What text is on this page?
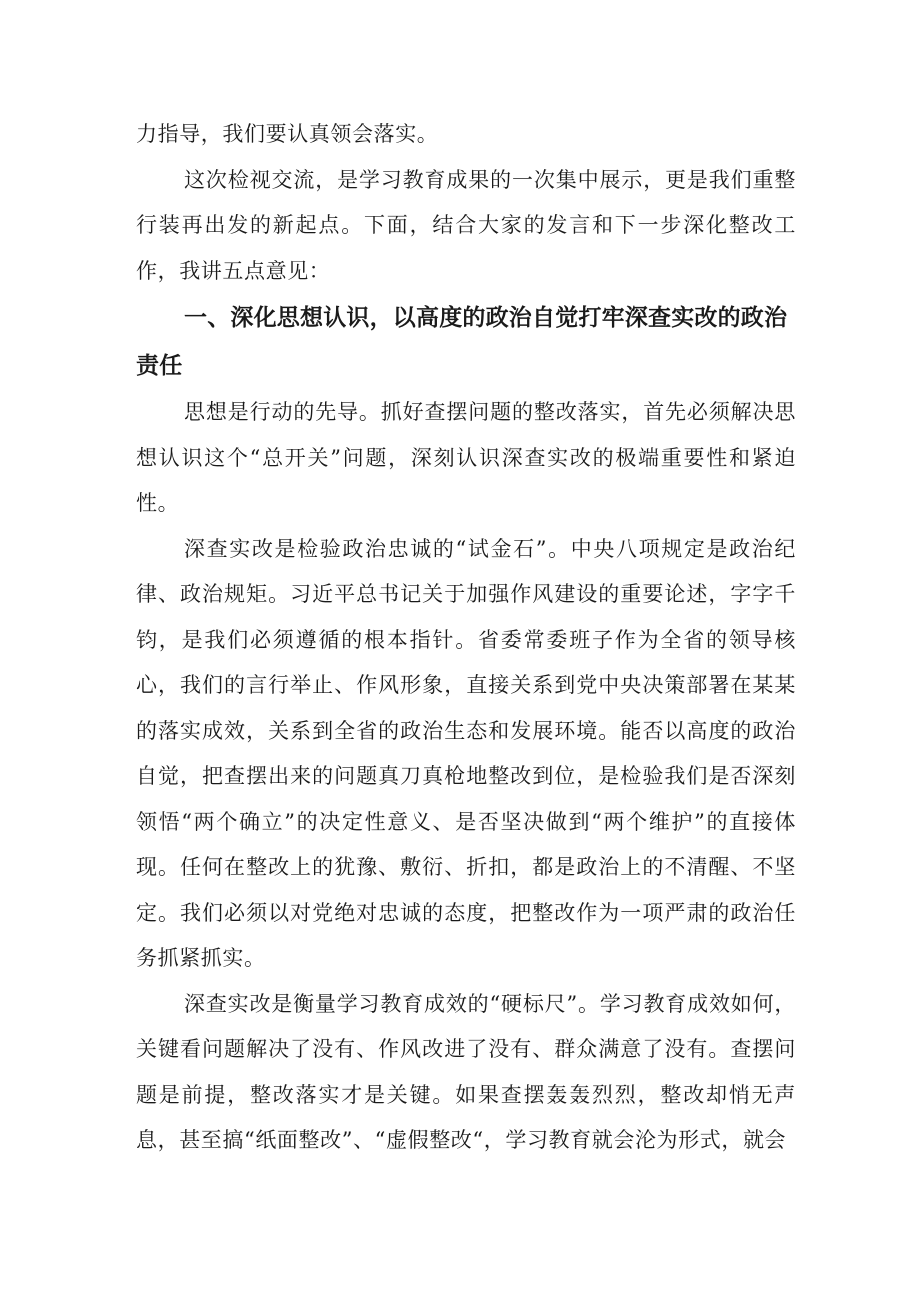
力指导，我们要认真领会落实。

这次检视交流，是学习教育成果的一次集中展示，更是我们重整行装再出发的新起点。下面，结合大家的发言和下一步深化整改工作，我讲五点意见：

一、深化思想认识，以高度的政治自觉打牢深查实改的政治责任

思想是行动的先导。抓好查摆问题的整改落实，首先必须解决思想认识这个“总开关”问题，深刻认识深查实改的极端重要性和紧迫性。

深查实改是检验政治忠诚的“试金石”。中央八项规定是政治纪律、政治规矩。习近平总书记关于加强作风建设的重要论述，字字千钧，是我们必须遵循的根本指针。省委常委班子作为全省的领导核心，我们的言行举止、作风形象，直接关系到党中央决策部署在某某的落实成效，关系到全省的政治生态和发展环境。能否以高度的政治自觉，把查摆出来的问题真刀真枪地整改到位，是检验我们是否深刻领悟“两个确立”的决定性意义、是否坚决做到“两个维护”的直接体现。任何在整改上的犹豫、敷衍、折扣，都是政治上的不清醒、不坚定。我们必须以对党绝对忠诚的态度，把整改作为一项严肃的政治任务抓紧抓实。

深查实改是衡量学习教育成效的“硬标尺”。学习教育成效如何，关键看问题解决了没有、作风改进了没有、群众满意了没有。查摆问题是前提，整改落实才是关键。如果查摆轰轰烈烈，整改却悄无声息，甚至搞“纸面整改”、“虚假整改“，学习教育就会沦为形式，就会
